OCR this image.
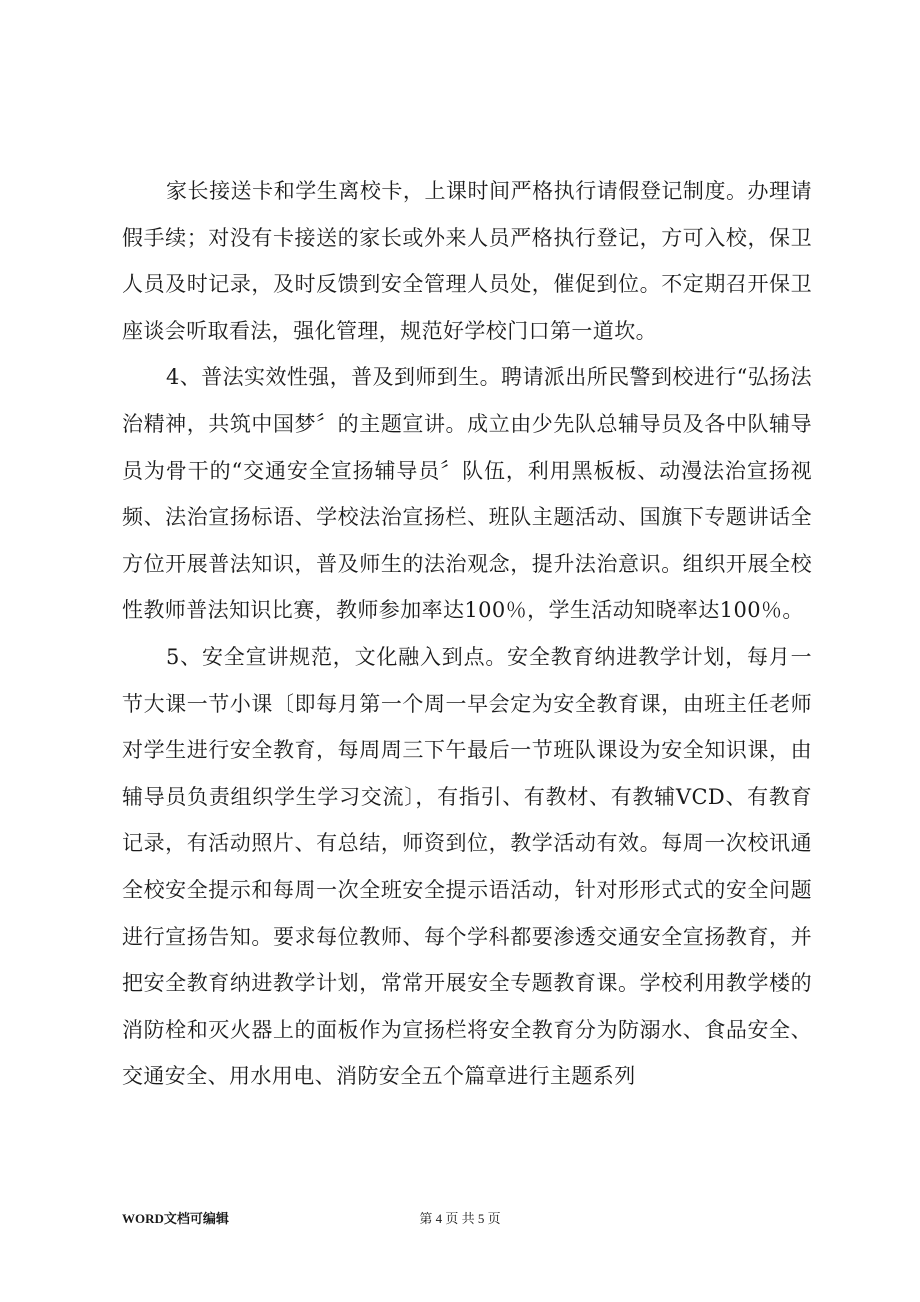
家长接送卡和学生离校卡，上课时间严格执行请假登记制度。办理请假手续；对没有卡接送的家长或外来人员严格执行登记，方可入校，保卫人员及时记录，及时反馈到安全管理人员处，催促到位。不定期召开保卫座谈会听取看法，强化管理，规范好学校门口第一道坎。

4、普法实效性强，普及到师到生。聘请派出所民警到校进行“弘扬法治精神，共筑中国梦〞的主题宣讲。成立由少先队总辅导员及各中队辅导员为骨干的“交通安全宣扬辅导员〞队伍，利用黑板板、动漫法治宣扬视频、法治宣扬标语、学校法治宣扬栏、班队主题活动、国旗下专题讲话全方位开展普法知识，普及师生的法治观念，提升法治意识。组织开展全校性教师普法知识比赛，教师参加率达100％，学生活动知晓率达100％。

5、安全宣讲规范，文化融入到点。安全教育纳进教学计划，每月一节大课一节小课〔即每月第一个周一早会定为安全教育课，由班主任老师对学生进行安全教育，每周周三下午最后一节班队课设为安全知识课，由辅导员负责组织学生学习交流〕，有指引、有教材、有教辅VCD、有教育记录，有活动照片、有总结，师资到位，教学活动有效。每周一次校讯通全校安全提示和每周一次全班安全提示语活动，针对形形式式的安全问题进行宣扬告知。要求每位教师、每个学科都要渗透交通安全宣扬教育，并把安全教育纳进教学计划，常常开展安全专题教育课。学校利用教学楼的消防栓和灭火器上的面板作为宣扬栏将安全教育分为防溺水、食品安全、交通安全、用水用电、消防安全五个篇章进行主题系列

WORD文档可编辑	第 4 页 共 5 页
